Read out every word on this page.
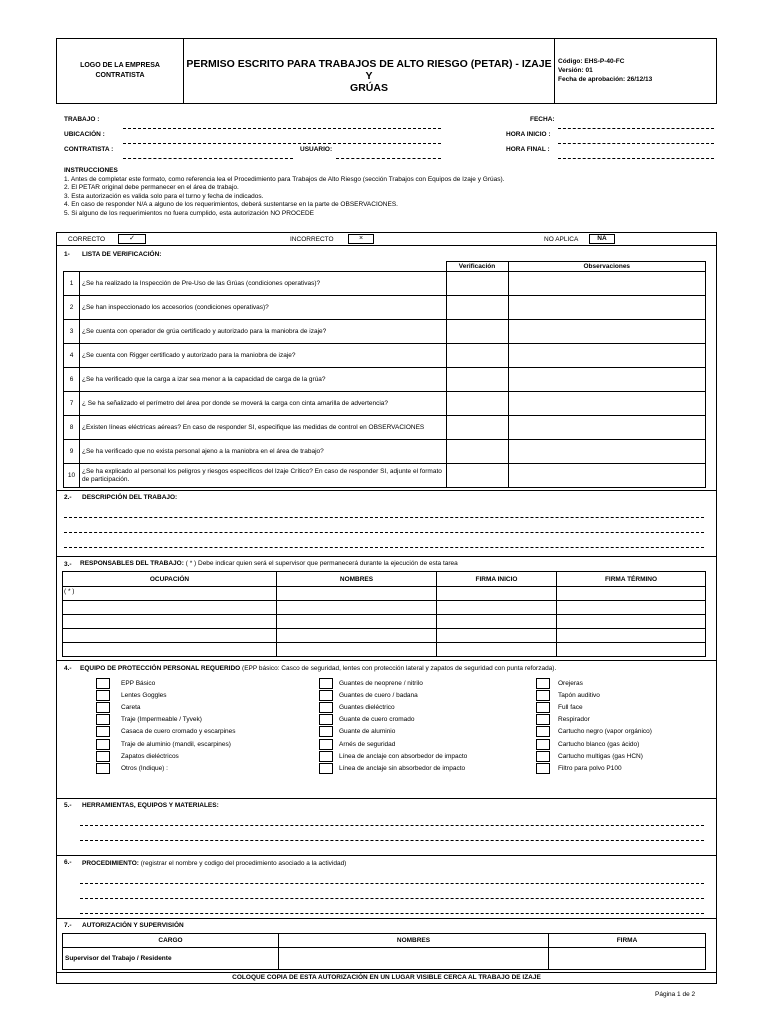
LOGO DE LA EMPRESA
CONTRATISTA
PERMISO ESCRITO PARA TRABAJOS DE ALTO RIESGO (PETAR) - IZAJE Y
GRÚAS
Código: EHS-P-40-FC
Versión: 01
Fecha de aprobación: 26/12/13
TRABAJO :	FECHA:
UBICACIÓN :	HORA INICIO :
CONTRATISTA :	USUARIO:	HORA FINAL :
INSTRUCCIONES
1. Antes de completar este formato, como referencia lea el Procedimiento para Trabajos de Alto Riesgo (sección Trabajos con Equipos de Izaje y Grúas).
2. El PETAR original debe permanecer en el área de trabajo.
3. Esta autorización es valida solo para el turno y fecha de indicados.
4. En caso de responder N/A a alguno de los requerimientos, deberá sustentarse en la parte de OBSERVACIONES.
5. Si alguno de los requerimientos no fuera cumplido, esta autorización NO PROCEDE
CORRECTO	✓	INCORRECTO	×	NO APLICA	NA
1- LISTA DE VERIFICACIÓN:
		Verificación	Observaciones
1	¿Se ha realizado la Inspección de Pre-Uso de las Grúas (condiciones operativas)?		
2	¿Se han inspeccionado los accesorios (condiciones operativas)?		
3	¿Se cuenta con operador de grúa certificado y autorizado para la maniobra de izaje?		
4	¿Se cuenta con Rigger certificado y autorizado para la maniobra de izaje?		
6	¿Se ha verificado que la carga a izar sea menor a la capacidad de carga de la grúa?		
7	¿ Se ha señalizado el perímetro del área por donde se moverá la carga con cinta amarilla de advertencia?		
8	¿Existen líneas eléctricas aéreas? En caso de responder SI, especifique las medidas de control en OBSERVACIONES		
9	¿Se ha verificado que no exista personal ajeno a la maniobra en el área de trabajo?		
10	¿Se ha explicado al personal los peligros y riesgos específicos del Izaje Crítico? En caso de responder SI, adjunte el formato de participación.		
2.- DESCRIPCIÓN DEL TRABAJO:
3.- RESPONSABLES DEL TRABAJO: ( * ) Debe indicar quien será el supervisor que permanecerá durante la ejecución de esta tarea
OCUPACIÓN	NOMBRES	FIRMA INICIO	FIRMA TÉRMINO
( * )			

4.- EQUIPO DE PROTECCIÓN PERSONAL REQUERIDO (EPP básico: Casco de seguridad, lentes con protección lateral y zapatos de seguridad con punta reforzada).
EPP Básico
Lentes Goggles
Careta
Traje (Impermeable / Tyvek)
Casaca de cuero cromado y escarpines
Traje de aluminio (mandil, escarpines)
Zapatos dieléctricos
Otros (Indique) :
Guantes de neoprene / nitrilo
Guantes de cuero / badana
Guantes dieléctrico
Guante de cuero cromado
Guante de aluminio
Arnés de seguridad
Línea de anclaje con absorbedor de impacto
Línea de anclaje sin absorbedor de impacto
Orejeras
Tapón auditivo
Full face
Respirador
Cartucho negro (vapor orgánico)
Cartucho blanco (gas ácido)
Cartucho multigas (gas HCN)
Filtro para polvo P100
5.- HERRAMIENTAS, EQUIPOS Y MATERIALES:
6.- PROCEDIMIENTO: (registrar el nombre y codigo del procedimiento asociado a la actividad)
7.- AUTORIZACIÓN Y SUPERVISIÓN
CARGO	NOMBRES	FIRMA
Supervisor del Trabajo / Residente		
COLOQUE COPIA DE ESTA AUTORIZACIÓN EN UN LUGAR VISIBLE CERCA AL TRABAJO DE IZAJE
Página 1 de 2
